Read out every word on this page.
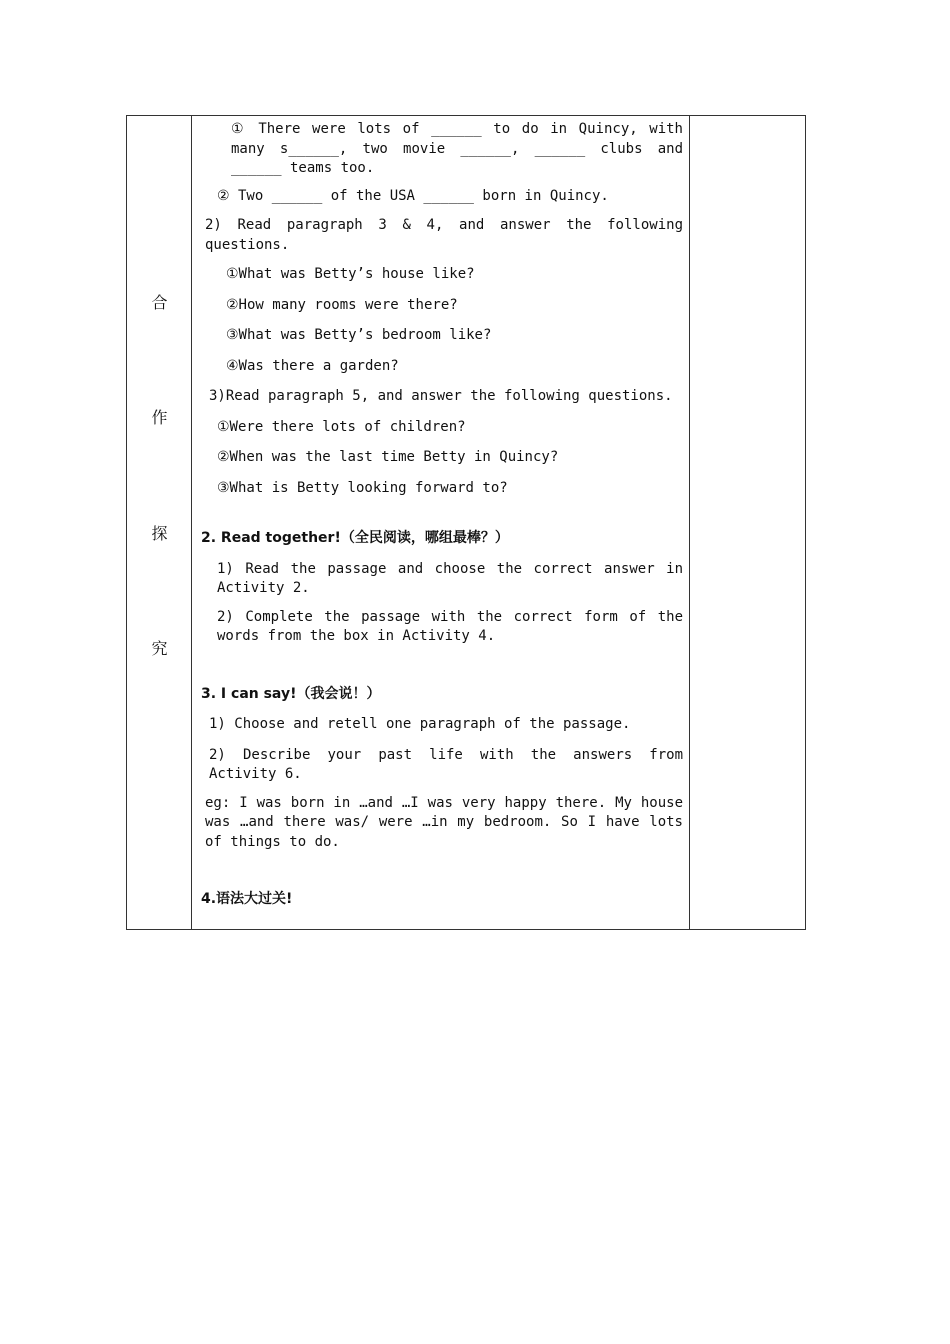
合
作
探
究

① There were lots of ______ to do in Quincy, with many s______, two movie ______, ______ clubs and ______ teams too.

② Two ______ of the USA ______ born in Quincy.

2) Read paragraph 3 & 4, and answer the following questions.

①What was Betty’s house like?

②How many rooms were there?

③What was Betty’s bedroom like?

④Was there a garden?

3)Read paragraph 5, and answer the following questions.

①Were there lots of children?

②When was the last time Betty in Quincy?

③What is Betty looking forward to?

2. Read together!（全民阅读，哪组最棒？）

1) Read the passage and choose the correct answer in Activity 2.

2) Complete the passage with the correct form of the words from the box in Activity 4.

3. I can say!（我会说！）

1) Choose and retell one paragraph of the passage.

2) Describe your past life with the answers from Activity 6.

eg: I was born in …and …I was very happy there. My house was …and there was/ were …in my bedroom. So I have lots of things to do.

4.语法大过关!
